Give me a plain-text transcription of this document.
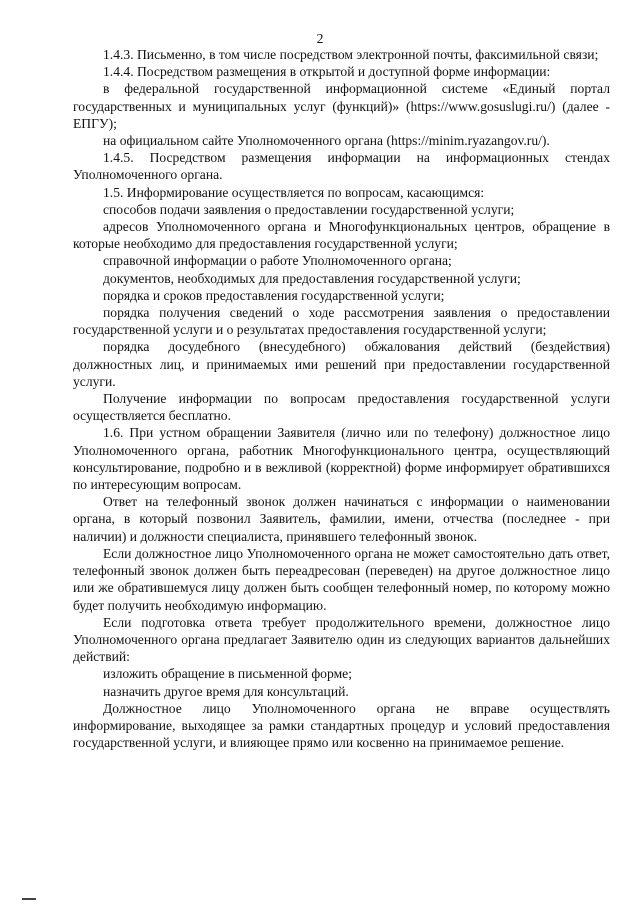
2

1.4.3. Письменно, в том числе посредством электронной почты, факсимильной связи;

1.4.4. Посредством размещения в открытой и доступной форме информации:

в федеральной государственной информационной системе «Единый портал государственных и муниципальных услуг (функций)» (https://www.gosuslugi.ru/) (далее - ЕПГУ);

на официальном сайте Уполномоченного органа (https://minim.ryazangov.ru/).

1.4.5. Посредством размещения информации на информационных стендах Уполномоченного органа.

1.5. Информирование осуществляется по вопросам, касающимся:

способов подачи заявления о предоставлении государственной услуги;

адресов Уполномоченного органа и Многофункциональных центров, обращение в которые необходимо для предоставления государственной услуги;

справочной информации о работе Уполномоченного органа;

документов, необходимых для предоставления государственной услуги;

порядка и сроков предоставления государственной услуги;

порядка получения сведений о ходе рассмотрения заявления о предоставлении государственной услуги и о результатах предоставления государственной услуги;

порядка досудебного (внесудебного) обжалования действий (бездействия) должностных лиц, и принимаемых ими решений при предоставлении государственной услуги.

Получение информации по вопросам предоставления государственной услуги осуществляется бесплатно.

1.6. При устном обращении Заявителя (лично или по телефону) должностное лицо Уполномоченного органа, работник Многофункционального центра, осуществляющий консультирование, подробно и в вежливой (корректной) форме информирует обратившихся по интересующим вопросам.

Ответ на телефонный звонок должен начинаться с информации о наименовании органа, в который позвонил Заявитель, фамилии, имени, отчества (последнее - при наличии) и должности специалиста, принявшего телефонный звонок.

Если должностное лицо Уполномоченного органа не может самостоятельно дать ответ, телефонный звонок должен быть переадресован (переведен) на другое должностное лицо или же обратившемуся лицу должен быть сообщен телефонный номер, по которому можно будет получить необходимую информацию.

Если подготовка ответа требует продолжительного времени, должностное лицо Уполномоченного органа предлагает Заявителю один из следующих вариантов дальнейших действий:

изложить обращение в письменной форме;

назначить другое время для консультаций.

Должностное лицо Уполномоченного органа не вправе осуществлять информирование, выходящее за рамки стандартных процедур и условий предоставления государственной услуги, и влияющее прямо или косвенно на принимаемое решение.
